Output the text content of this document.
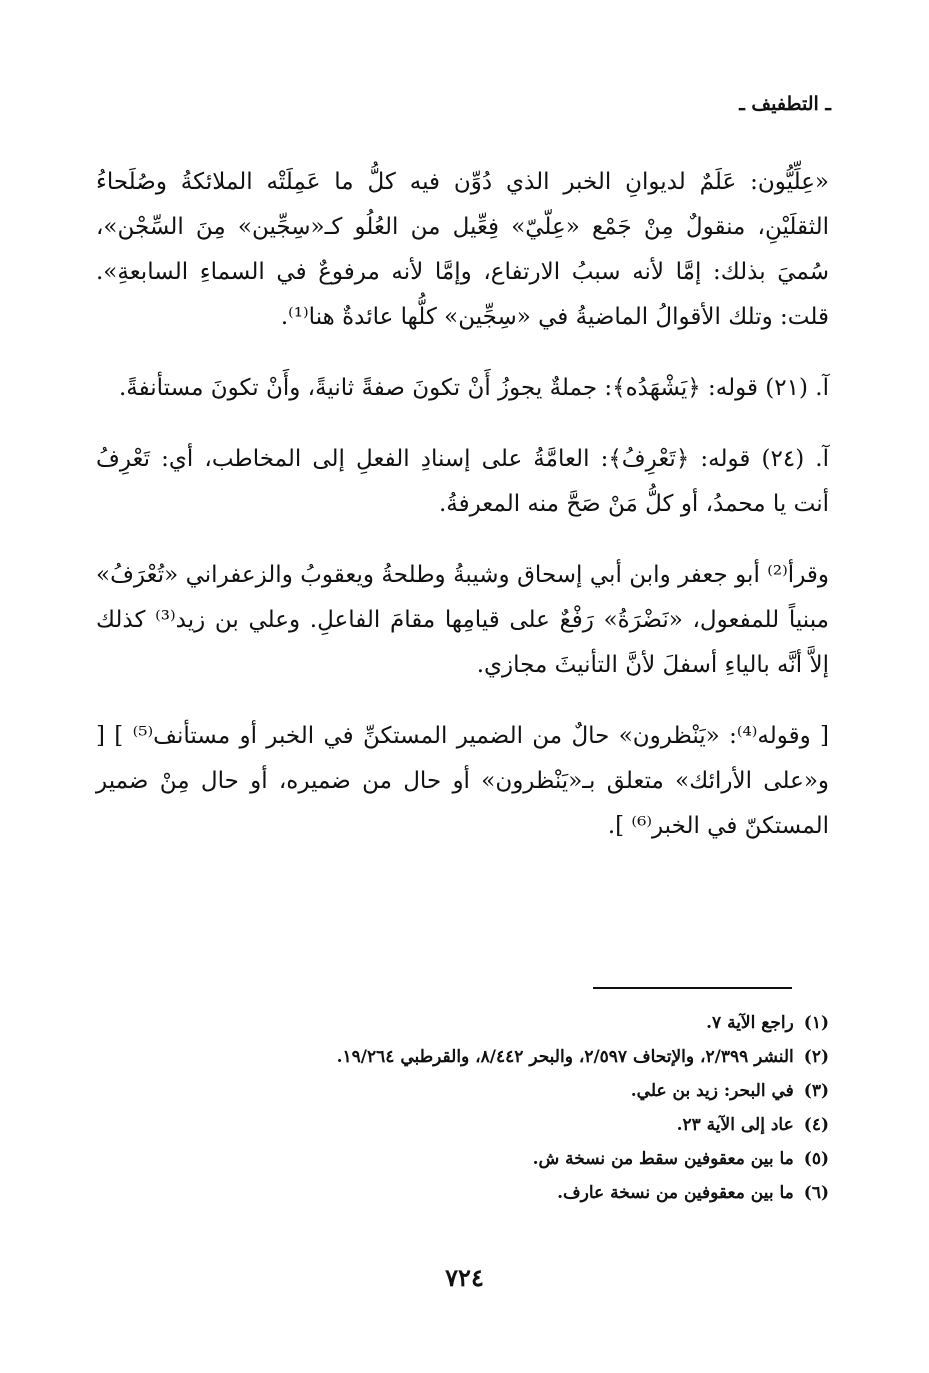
ـ التطفيف ـ

«عِلِّيُّون: عَلَمٌ لديوانِ الخبر الذي دُوِّن فيه كلُّ ما عَمِلَتْه الملائكةُ وصُلَحاءُ الثقلَيْنِ، منقولٌ مِنْ جَمْع «عِلّيّ» فِعِّيل من العُلُو كـ«سِجِّين» مِنَ السِّجْن»، سُميَ بذلك: إمَّا لأنه سببُ الارتفاع، وإمَّا لأنه مرفوعٌ في السماءِ السابعةِ». قلت: وتلك الأقوالُ الماضيةُ في «سِجِّين» كلُّها عائدةٌ هنا⁽¹⁾.

آ. (٢١) قوله: ﴿يَشْهَدُه﴾: جملةٌ يجوزُ أَنْ تكونَ صفةً ثانيةً، وأَنْ تكونَ مستأنفةً.

آ. (٢٤) قوله: ﴿تَعْرِفُ﴾: العامَّةُ على إسنادِ الفعلِ إلى المخاطب، أي: تَعْرِفُ أنت يا محمدُ، أو كلُّ مَنْ صَحَّ منه المعرفةُ.

وقرأ⁽²⁾ أبو جعفر وابن أبي إسحاق وشيبةُ وطلحةُ ويعقوبُ والزعفراني «تُعْرَفُ» مبنياً للمفعول، «نَضْرَةُ» رَفْعٌ على قيامِها مقامَ الفاعلِ. وعلي بن زيد⁽³⁾ كذلك إلاَّ أنَّه بالياءِ أسفلَ لأنَّ التأنيثَ مجازي.

[ وقوله⁽⁴⁾: «يَنْظرون» حالٌ من الضمير المستكنِّ في الخبر أو مستأنف⁽⁵⁾ ] [ و«على الأرائك» متعلق بـ«يَنْظرون» أو حال من ضميره، أو حال مِنْ ضمير المستكنّ في الخبر⁽⁶⁾ ].

(١)راجع الآية ٧.

(٢)النشر ٢/٣٩٩، والإتحاف ٢/٥٩٧، والبحر ٨/٤٤٢، والقرطبي ١٩/٢٦٤.

(٣)في البحر: زيد بن علي.

(٤)عاد إلى الآية ٢٣.

(٥)ما بين معقوفين سقط من نسخة ش.

(٦)ما بين معقوفين من نسخة عارف.

٧٢٤
